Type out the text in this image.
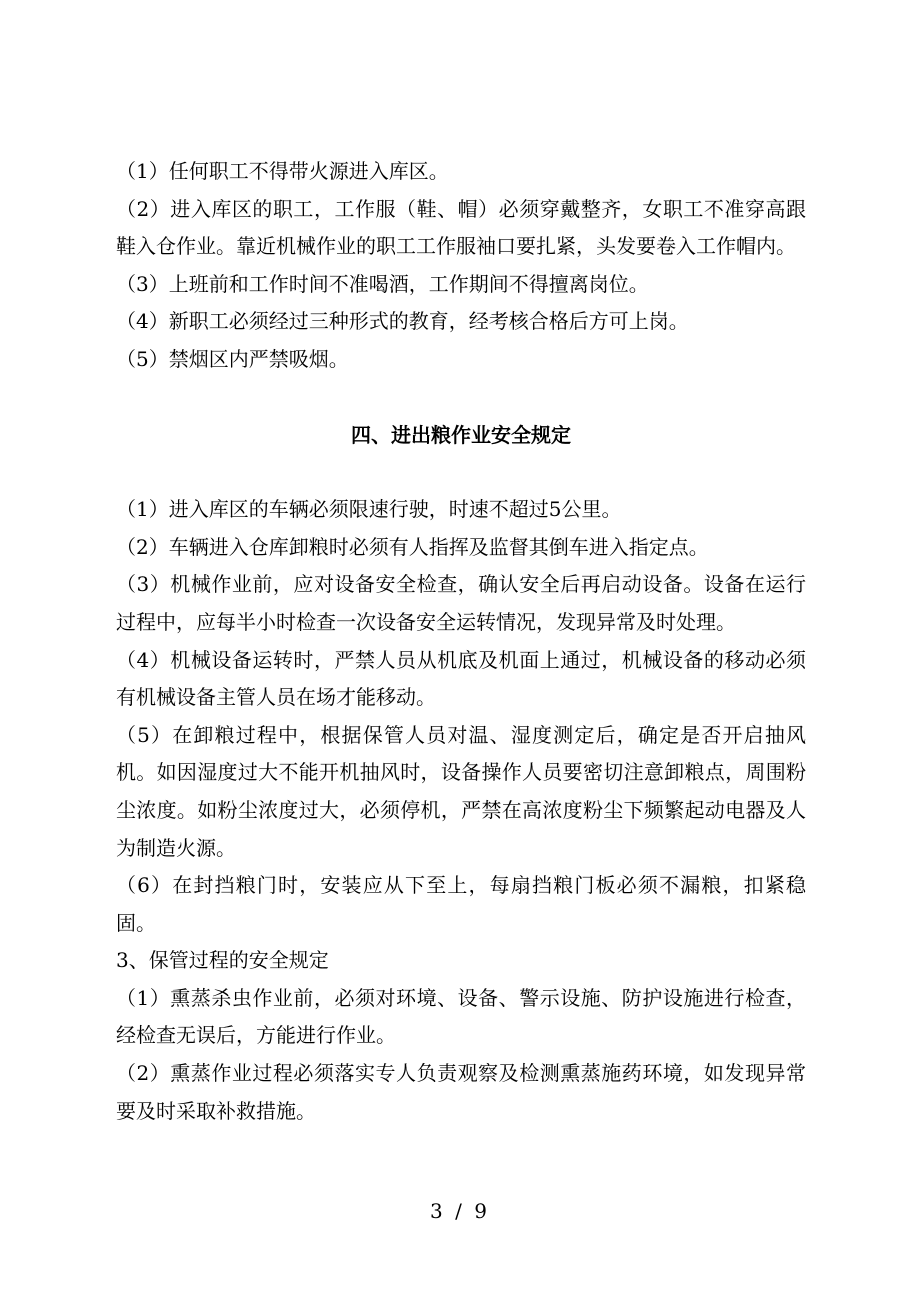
（1）任何职工不得带火源进入库区。

（2）进入库区的职工，工作服（鞋、帽）必须穿戴整齐，女职工不准穿高跟鞋入仓作业。靠近机械作业的职工工作服袖口要扎紧，头发要卷入工作帽内。

（3）上班前和工作时间不准喝酒，工作期间不得擅离岗位。

（4）新职工必须经过三种形式的教育，经考核合格后方可上岗。

（5）禁烟区内严禁吸烟。

四、进出粮作业安全规定

（1）进入库区的车辆必须限速行驶，时速不超过5公里。

（2）车辆进入仓库卸粮时必须有人指挥及监督其倒车进入指定点。

（3）机械作业前，应对设备安全检查，确认安全后再启动设备。设备在运行过程中，应每半小时检查一次设备安全运转情况，发现异常及时处理。

（4）机械设备运转时，严禁人员从机底及机面上通过，机械设备的移动必须有机械设备主管人员在场才能移动。

（5）在卸粮过程中，根据保管人员对温、湿度测定后，确定是否开启抽风机。如因湿度过大不能开机抽风时，设备操作人员要密切注意卸粮点，周围粉尘浓度。如粉尘浓度过大，必须停机，严禁在高浓度粉尘下频繁起动电器及人为制造火源。

（6）在封挡粮门时，安装应从下至上，每扇挡粮门板必须不漏粮，扣紧稳固。

3、保管过程的安全规定

（1）熏蒸杀虫作业前，必须对环境、设备、警示设施、防护设施进行检查，经检查无误后，方能进行作业。

（2）熏蒸作业过程必须落实专人负责观察及检测熏蒸施药环境，如发现异常要及时采取补救措施。

3 / 9
